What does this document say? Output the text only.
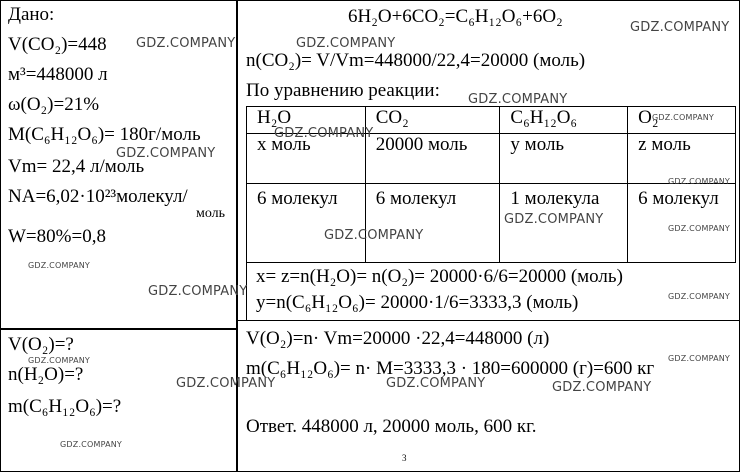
Дано:
V(CO₂)=448
м³=448000 л
ω(O₂)=21%
M(C₆H₁₂O₆)= 180г/моль
Vm= 22,4 л/моль
NA=6,02·10²³молекул/
моль
W=80%=0,8
V(O₂)=?
n(H₂O)=?
m(C₆H₁₂O₆)=?
6H₂O+6CO₂=C₆H₁₂O₆+6O₂
n(CO₂)= V/Vm=448000/22,4=20000 (моль)
По уравнению реакции:
H₂O	CO₂	C₆H₁₂O₆	O₂
x моль	20000 моль	y моль	z моль
6 молекул	6 молекул	1 молекула	6 молекул
x= z=n(H₂O)= n(O₂)= 20000·6/6=20000 (моль)
y=n(C₆H₁₂O₆)= 20000·1/6=3333,3 (моль)
V(O₂)=n· Vm=20000 ·22,4=448000 (л)
m(C₆H₁₂O₆)= n· M=3333,3 · 180=600000 (г)=600 кг
Ответ. 448000 л, 20000 моль, 600 кг.
3
GDZ.COMPANY	GDZ.COMPANY
GDZ.COMPANY
GDZ.COMPANY
GDZ.COMPANY
GDZ.COMPANY
GDZ.COMPANY
GDZ.COMPANY
GDZ.COMPANY
GDZ.COMPANY
GDZ.COMPANY
GDZ.COMPANY
GDZ.COMPANY	GDZ.COMPANY
GDZ.COMPANY
GDZ.COMPANY	GDZ.COMPANY	GDZ.COMPANY
GDZ.COMPANY
GDZ.COMPANY
